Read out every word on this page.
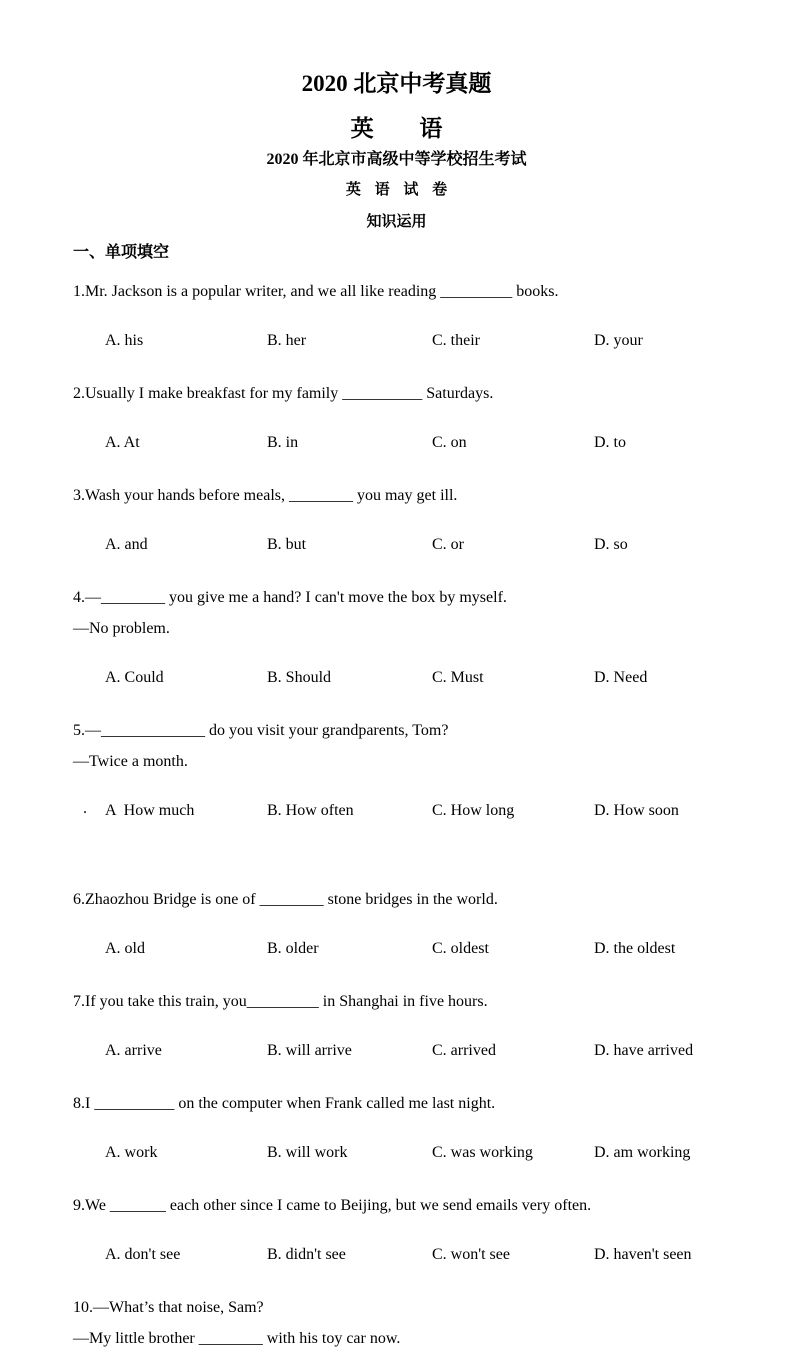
2020 北京中考真题
英 语
2020 年北京市高级中等学校招生考试
英 语 试 卷
知识运用
一、单项填空

1.Mr. Jackson is a popular writer, and we all like reading _________ books.

A. his	B. her	C. their	D. your

2.Usually I make breakfast for my family __________ Saturdays.

A. At	B. in	C. on	D. to

3.Wash your hands before meals, ________ you may get ill.

A. and	B. but	C. or	D. so

4.—________ you give me a hand? I can't move the box by myself.

—No problem.

A. Could	B. Should	C. Must	D. Need

5.—_____________ do you visit your grandparents, Tom?

—Twice a month.

A  How much	B. How often	C. How long	D. How soon

.

6.Zhaozhou Bridge is one of ________ stone bridges in the world.

A. old	B. older	C. oldest	D. the oldest

7.If you take this train, you_________ in Shanghai in five hours.

A. arrive	B. will arrive	C. arrived	D. have arrived

8.I __________ on the computer when Frank called me last night.

A. work	B. will work	C. was working	D. am working

9.We _______ each other since I came to Beijing, but we send emails very often.

A. don't see	B. didn't see	C. won't see	D. haven't seen

10.—What’s that noise, Sam?

—My little brother ________ with his toy car now.
